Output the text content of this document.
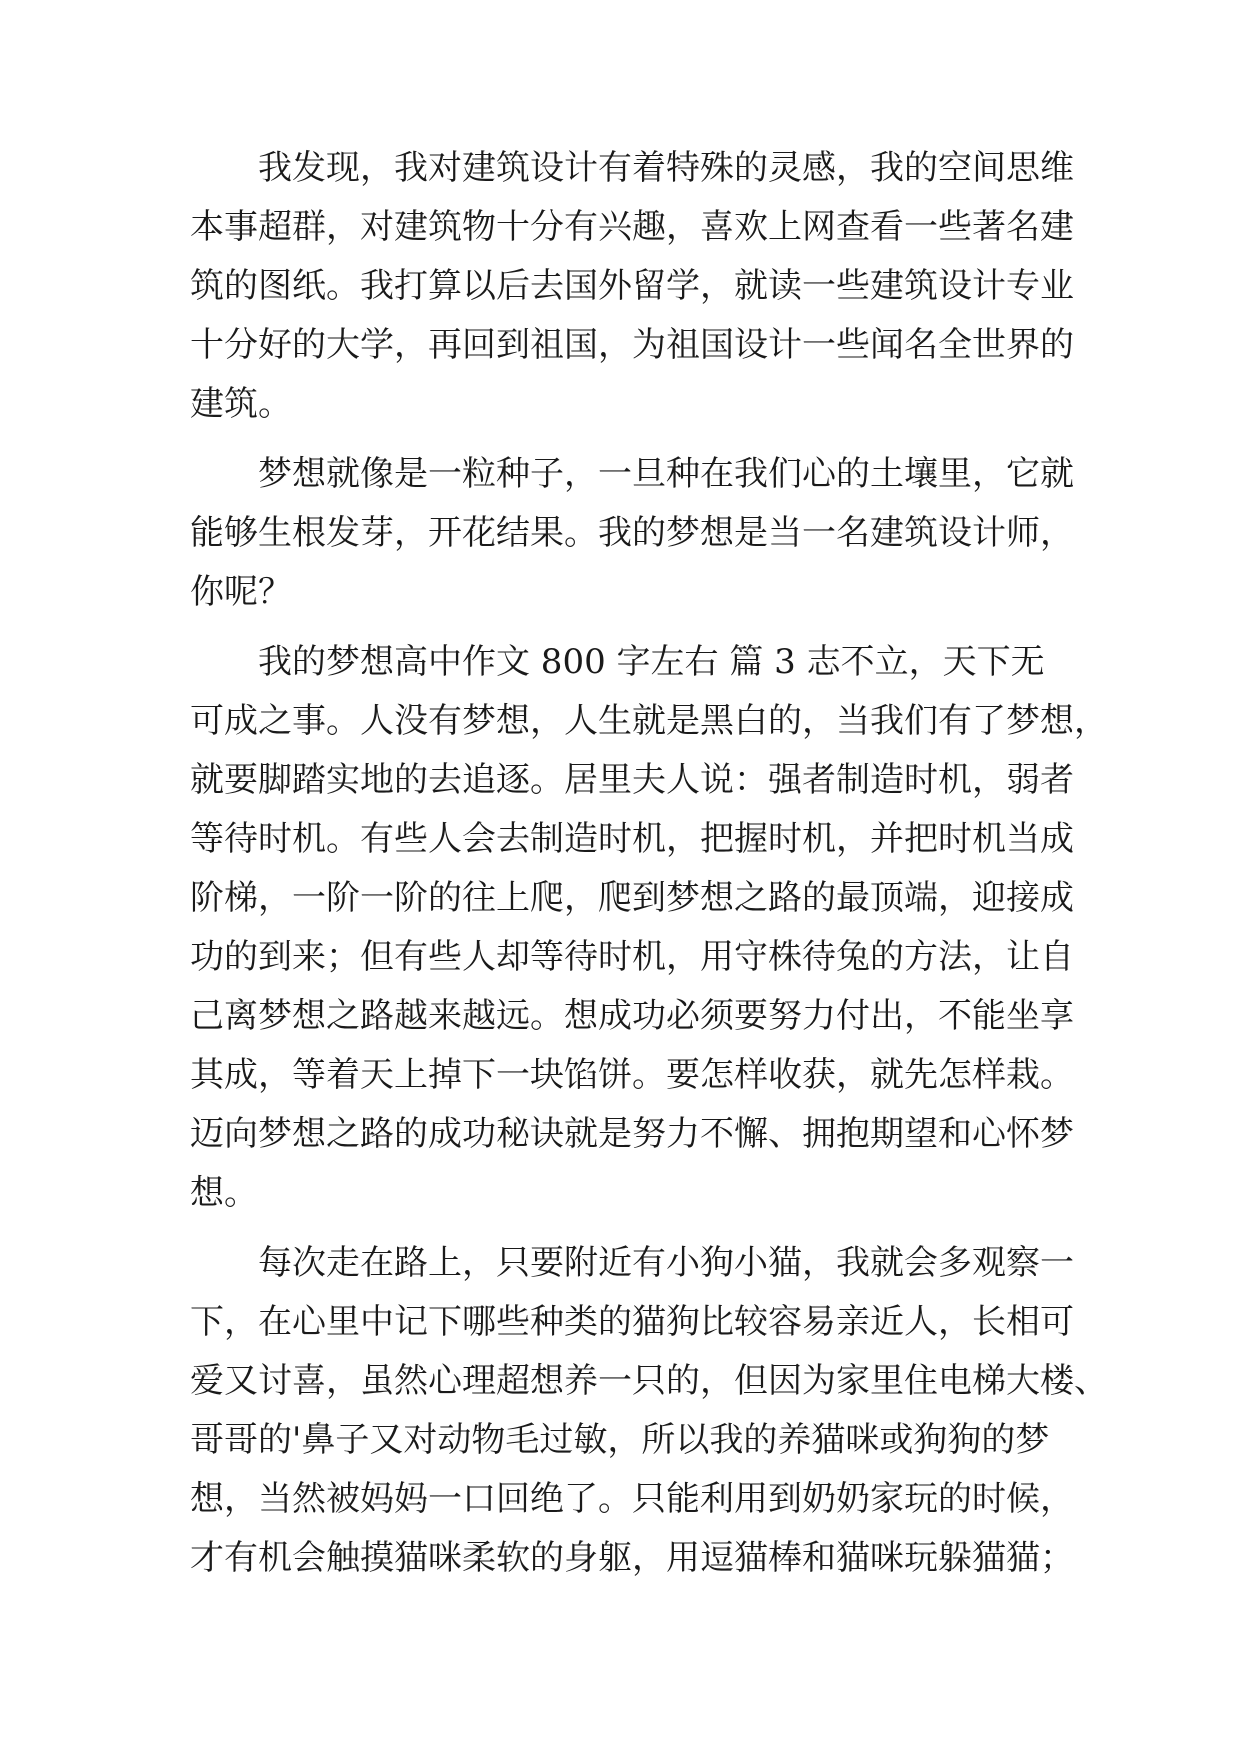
我发现，我对建筑设计有着特殊的灵感，我的空间思维
本事超群，对建筑物十分有兴趣，喜欢上网查看一些著名建
筑的图纸。我打算以后去国外留学，就读一些建筑设计专业
十分好的大学，再回到祖国，为祖国设计一些闻名全世界的
建筑。
梦想就像是一粒种子，一旦种在我们心的土壤里，它就
能够生根发芽，开花结果。我的梦想是当一名建筑设计师，
你呢？
我的梦想高中作文 800 字左右 篇 3 志不立，天下无
可成之事。人没有梦想，人生就是黑白的，当我们有了梦想，
就要脚踏实地的去追逐。居里夫人说：强者制造时机，弱者
等待时机。有些人会去制造时机，把握时机，并把时机当成
阶梯，一阶一阶的往上爬，爬到梦想之路的最顶端，迎接成
功的到来；但有些人却等待时机，用守株待兔的方法，让自
己离梦想之路越来越远。想成功必须要努力付出，不能坐享
其成，等着天上掉下一块馅饼。要怎样收获，就先怎样栽。
迈向梦想之路的成功秘诀就是努力不懈、拥抱期望和心怀梦
想。
每次走在路上，只要附近有小狗小猫，我就会多观察一
下，在心里中记下哪些种类的猫狗比较容易亲近人，长相可
爱又讨喜，虽然心理超想养一只的，但因为家里住电梯大楼、
哥哥的'鼻子又对动物毛过敏，所以我的养猫咪或狗狗的梦
想，当然被妈妈一口回绝了。只能利用到奶奶家玩的时候，
才有机会触摸猫咪柔软的身躯，用逗猫棒和猫咪玩躲猫猫；
